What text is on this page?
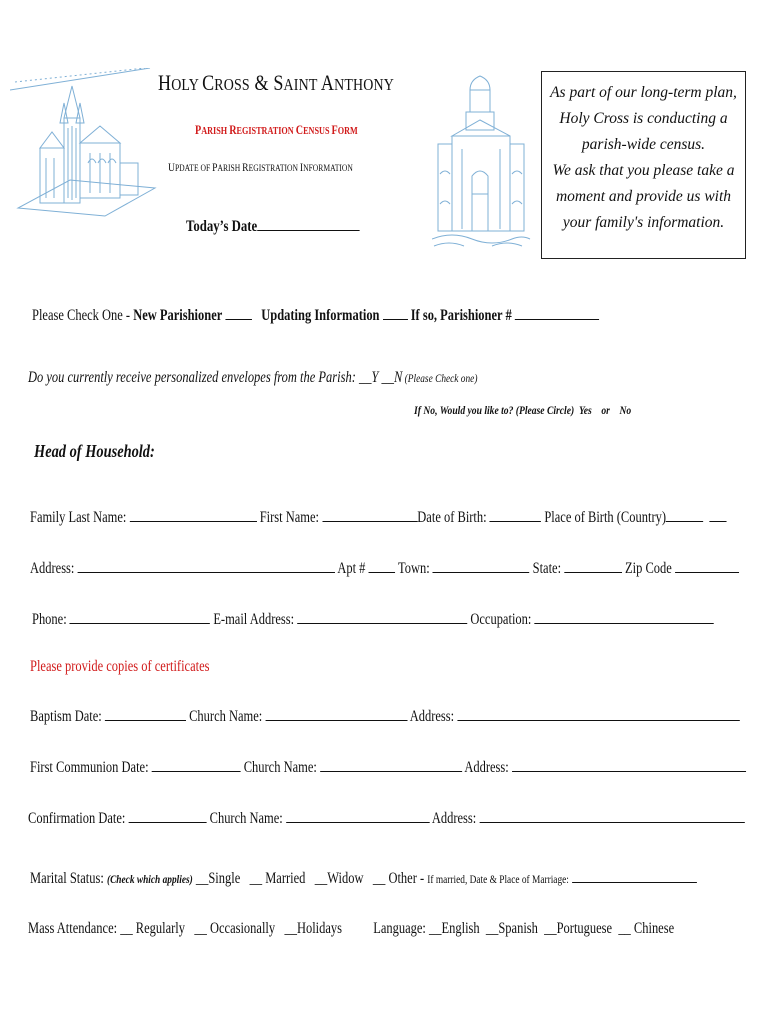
HOLY CROSS & SAINT ANTHONY
PARISH REGISTRATION CENSUS FORM
UPDATE OF PARISH REGISTRATION INFORMATION
Today’s Date
As part of our long-term plan,
Holy Cross is conducting a
parish-wide census.
We ask that you please take a
moment and provide us with
your family's information.
Please Check One - New Parishioner Updating Information If so, Parishioner #
Do you currently receive personalized envelopes from the Parish: __Y __N (Please Check one)
If No, Would you like to? (Please Circle) Yes or No
Head of Household:
Family Last Name:	First Name:	Date of Birth:	Place of Birth (Country)
Address:	Apt #  Town:	State:	Zip Code
Phone:	E-mail Address:	Occupation:
Please provide copies of certificates
Baptism Date:	Church Name:	Address:
First Communion Date:	Church Name:	Address:
Confirmation Date:	Church Name:	Address:
Marital Status: (Check which applies) __Single __ Married __Widow __ Other - If married, Date & Place of Marriage:
Mass Attendance: __ Regularly __ Occasionally __Holidays Language: __English __Spanish __Portuguese __ Chinese
